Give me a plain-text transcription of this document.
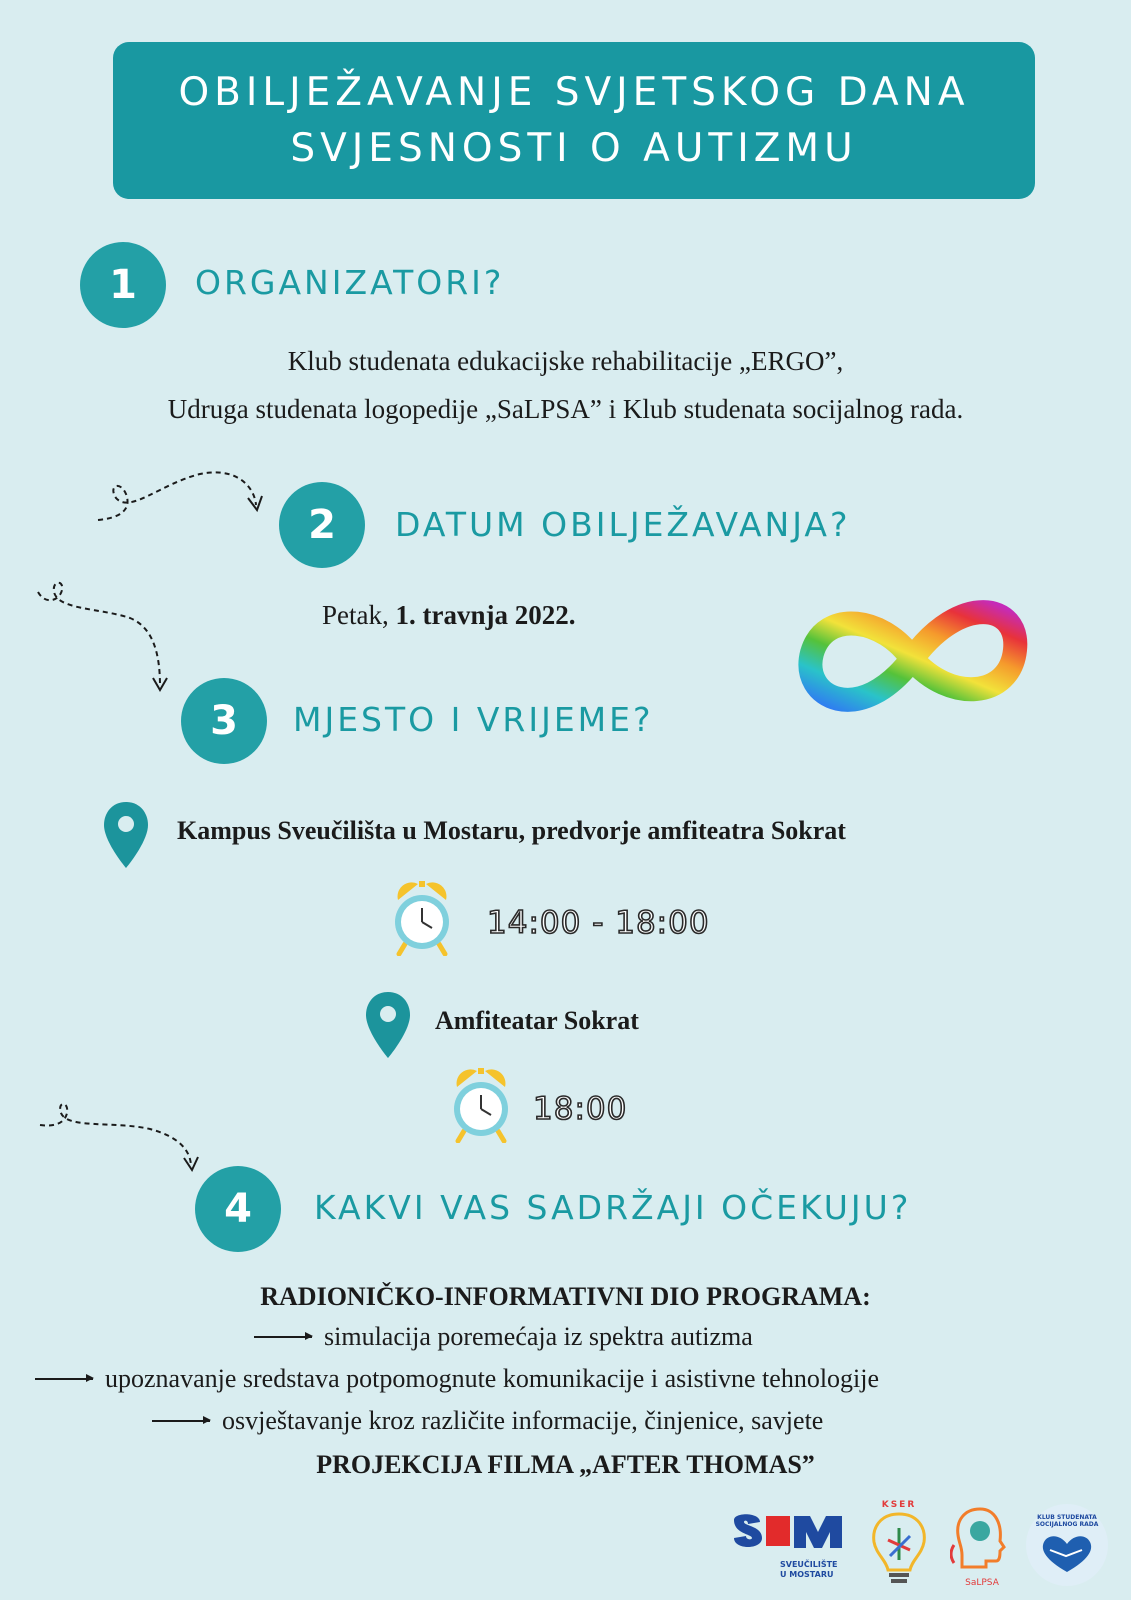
OBILJEŽAVANJE SVJETSKOG DANA
SVJESNOSTI O AUTIZMU
1	ORGANIZATORI?
Klub studenata edukacijske rehabilitacije „ERGO”,
Udruga studenata logopedije „SaLPSA” i Klub studenata socijalnog rada.
2	DATUM OBILJEŽAVANJA?
Petak, 1. travnja 2022.
3	MJESTO I VRIJEME?
Kampus Sveučilišta u Mostaru, predvorje amfiteatra Sokrat
14:00 - 18:00
Amfiteatar Sokrat
18:00
4	KAKVI VAS SADRŽAJI OČEKUJU?
RADIONIČKO-INFORMATIVNI DIO PROGRAMA:
simulacija poremećaja iz spektra autizma
upoznavanje sredstava potpomognute komunikacije i asistivne tehnologije
osvještavanje kroz različite informacije, činjenice, savjete
PROJEKCIJA FILMA „AFTER THOMAS”
SVEUČILIŠTE
U MOSTARU
KSER
SaLPSA
KLUB STUDENATA
SOCIJALNOG RADA
